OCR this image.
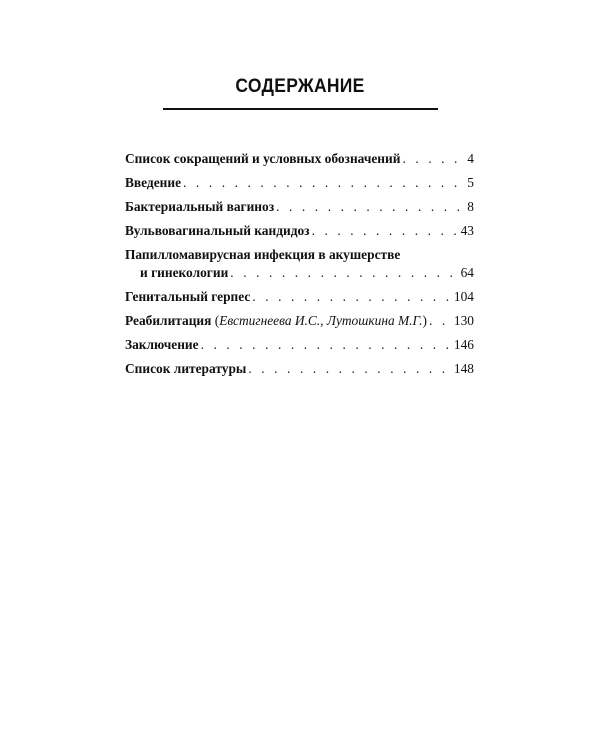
СОДЕРЖАНИЕ
Список сокращений и условных обозначений . . .	4
Введение . . .	5
Бактериальный вагиноз . . .	8
Вульвовагинальный кандидоз . . .	43
Папилломавирусная инфекция в акушерстве
и гинекологии . . .	64
Генитальный герпес . . .	104
Реабилитация (Евстигнеева И.С., Лутошкина М.Г.) . . . 130
Заключение . . .	146
Список литературы . . .	148
